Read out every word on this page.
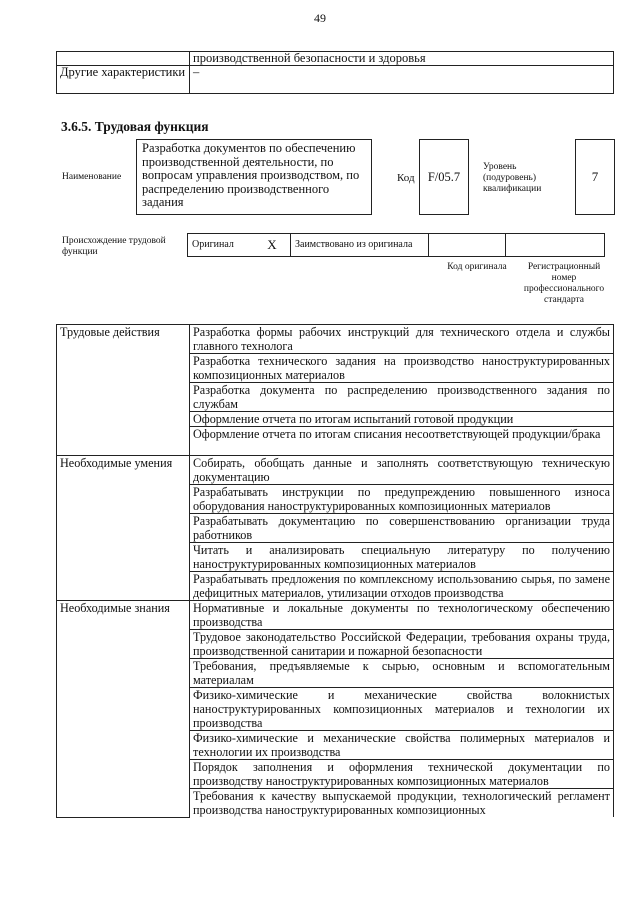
49
	производственной безопасности и здоровья
Другие характеристики	–
3.6.5. Трудовая функция
Наименование
Разработка документов по обеспечению производственной деятельности, по вопросам управления производством, по распределению производственного задания
Код	F/05.7
Уровень (подуровень) квалификации
7
Происхождение трудовой функции
Оригинал	X	Заимствовано из оригинала		
Код оригинала	Регистрационный номер профессионального стандарта
Трудовые действия	Разработка формы рабочих инструкций для технического отдела и службы главного технолога
	Разработка технического задания на производство наноструктурированных композиционных материалов
	Разработка документа по распределению производственного задания по службам
	Оформление отчета по итогам испытаний готовой продукции
	Оформление отчета по итогам списания несоответствующей продукции/брака
Необходимые умения	Собирать, обобщать данные и заполнять соответствующую техническую документацию
	Разрабатывать инструкции по предупреждению повышенного износа оборудования наноструктурированных композиционных материалов
	Разрабатывать документацию по совершенствованию организации труда работников
	Читать и анализировать специальную литературу по получению наноструктурированных композиционных материалов
	Разрабатывать предложения по комплексному использованию сырья, по замене дефицитных материалов, утилизации отходов производства
Необходимые знания	Нормативные и локальные документы по технологическому обеспечению производства
	Трудовое законодательство Российской Федерации, требования охраны труда, производственной санитарии и пожарной безопасности
	Требования, предъявляемые к сырью, основным и вспомогательным материалам
	Физико-химические и механические свойства волокнистых наноструктурированных композиционных материалов и технологии их производства
	Физико-химические и механические свойства полимерных материалов и технологии их производства
	Порядок заполнения и оформления технической документации по производству наноструктурированных композиционных материалов
	Требования к качеству выпускаемой продукции, технологический регламент производства наноструктурированных композиционных
